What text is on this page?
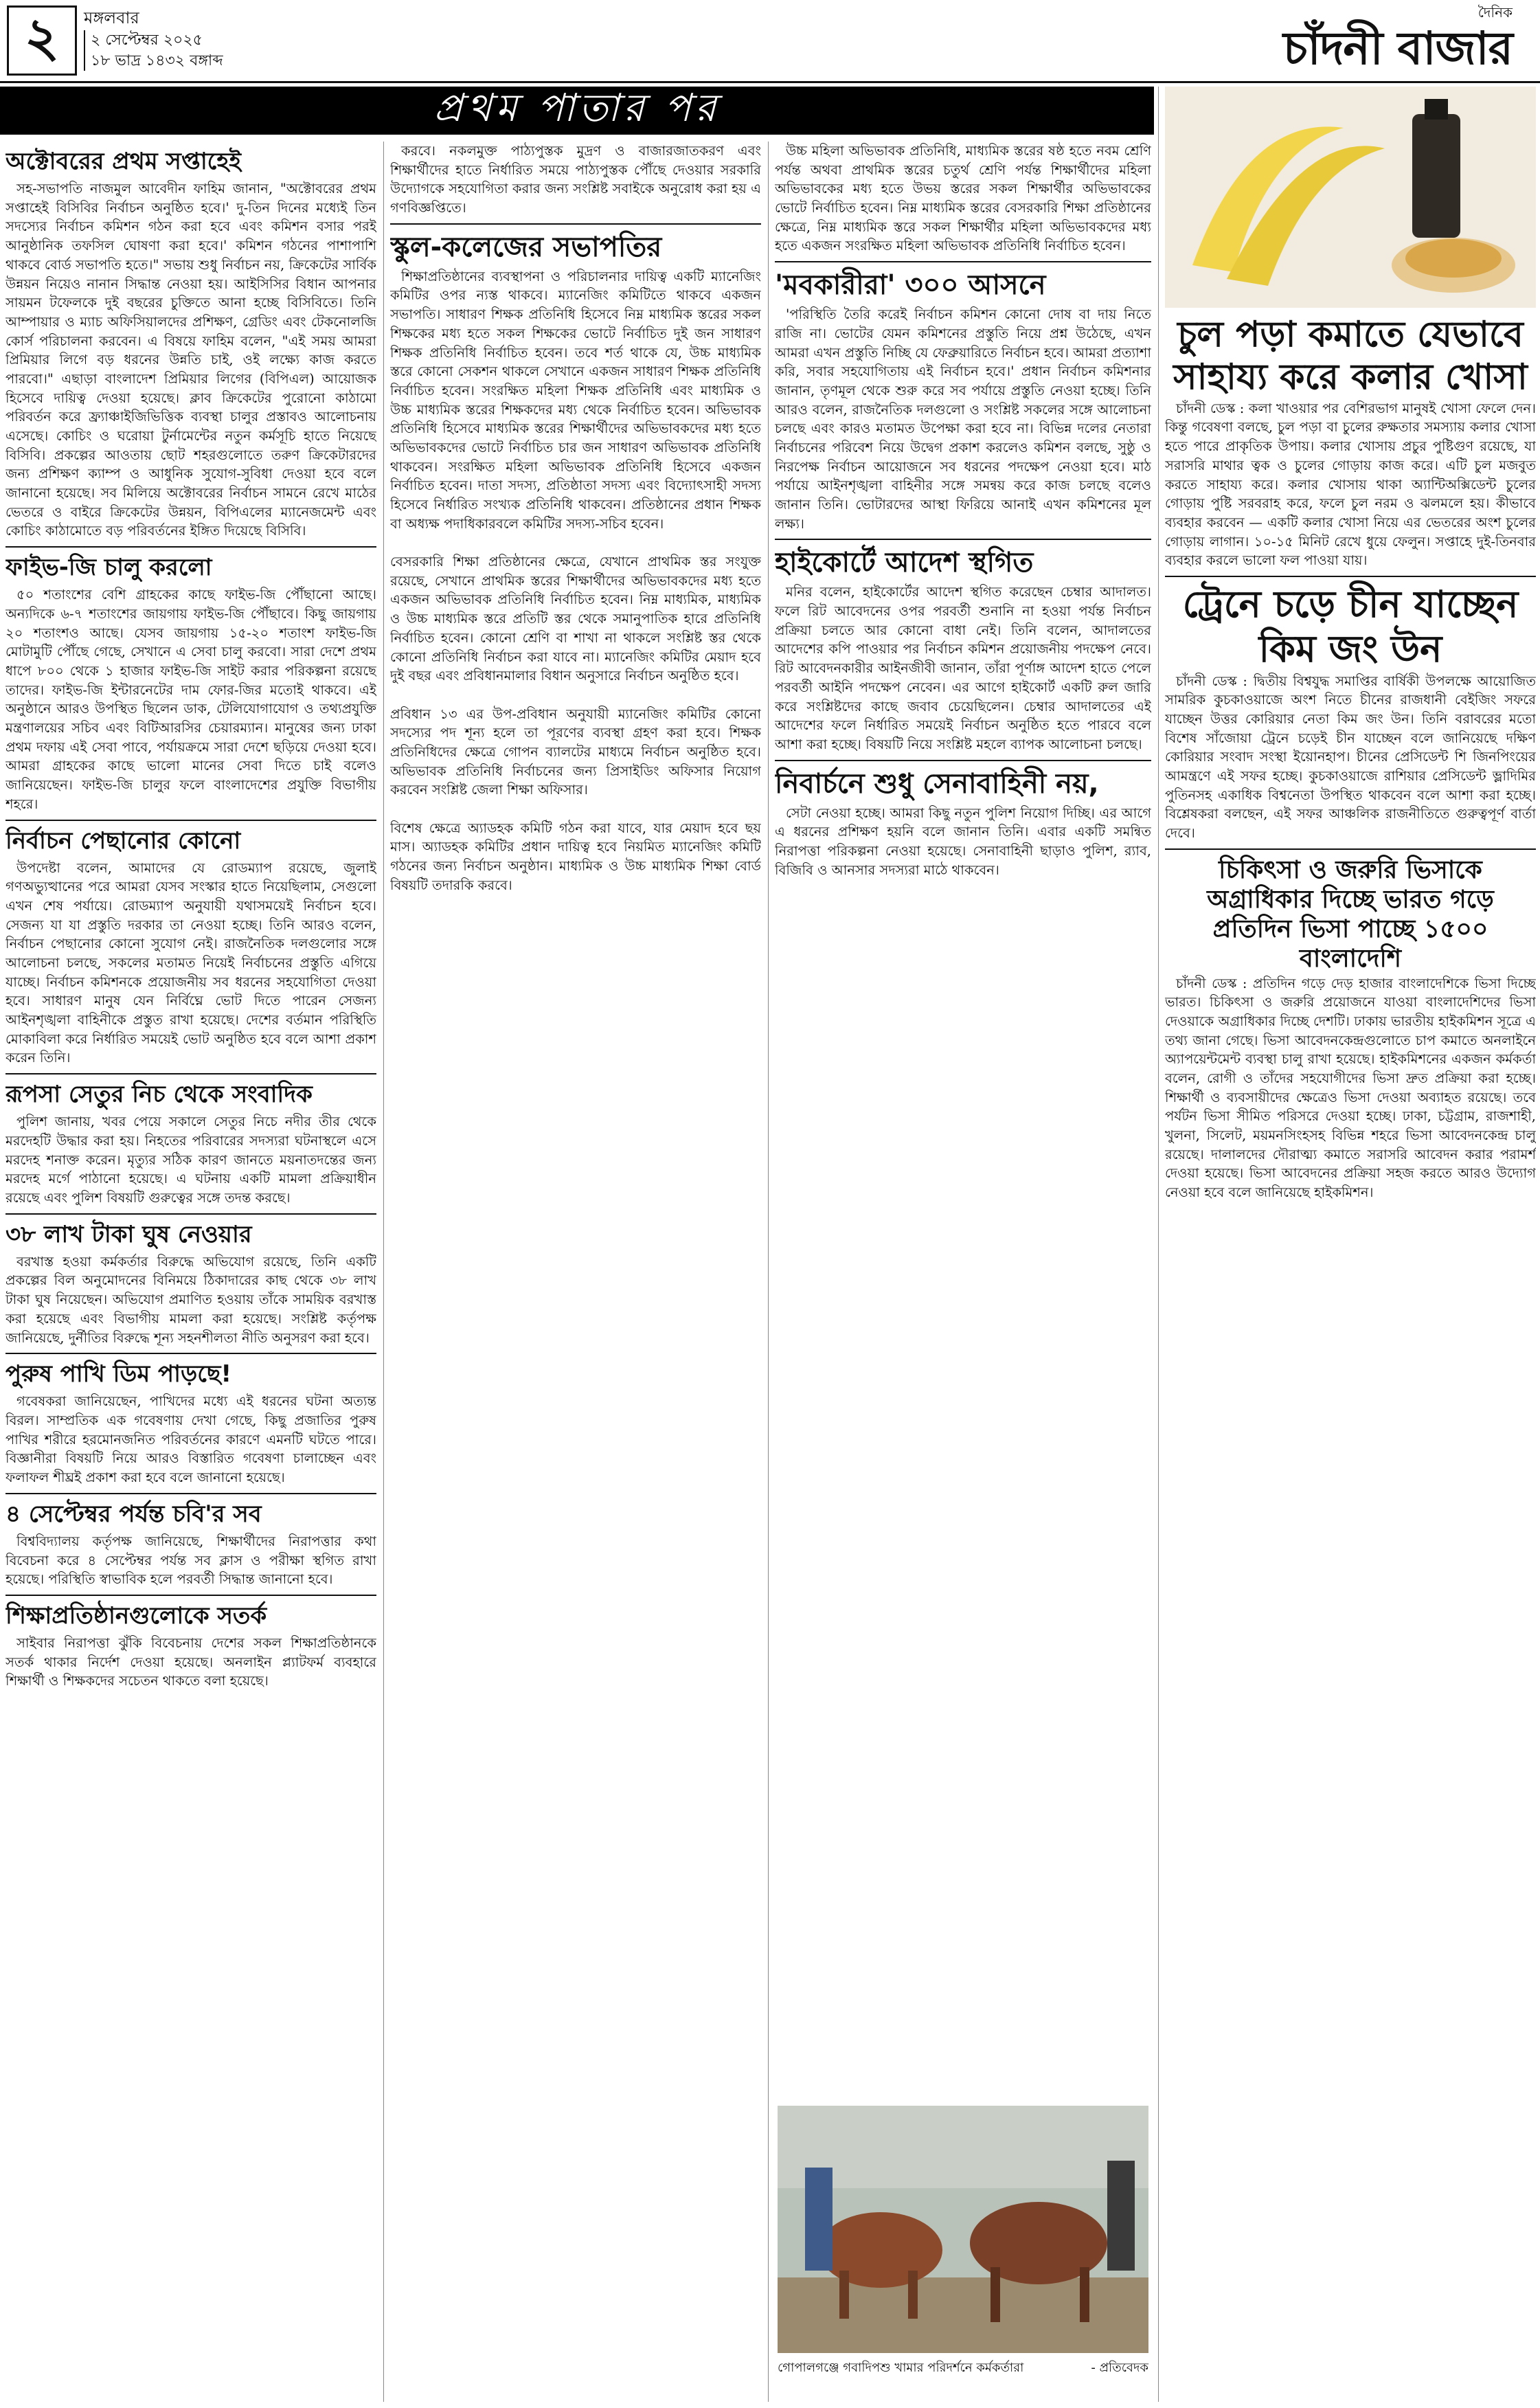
২	মঙ্গলবার
২ সেপ্টেম্বর ২০২৫
১৮ ভাদ্র ১৪৩২ বঙ্গাব্দ
দৈনিক
চাঁদনী বাজার
প্রথম পাতার পর
অক্টোবরের প্রথম সপ্তাহেই

সহ-সভাপতি নাজমুল আবেদীন ফাহিম জানান, "অক্টোবরের প্রথম সপ্তাহেই বিসিবির নির্বাচন অনুষ্ঠিত হবে।' দু-তিন দিনের মধ্যেই তিন সদস্যের নির্বাচন কমিশন গঠন করা হবে এবং কমিশন বসার পরই আনুষ্ঠানিক তফসিল ঘোষণা করা হবে।' কমিশন গঠনের পাশাপাশি থাকবে বোর্ড সভাপতি হতে।" সভায় শুধু নির্বাচন নয়, ক্রিকেটের সার্বিক উন্নয়ন নিয়েও নানান সিদ্ধান্ত নেওয়া হয়। আইসিসির বিধান আপনার সায়মন টফেলকে দুই বছরের চুক্তিতে আনা হচ্ছে বিসিবিতে। তিনি আম্পায়ার ও ম্যাচ অফিসিয়ালদের প্রশিক্ষণ, গ্রেডিং এবং টেকনোলজি কোর্স পরিচালনা করবেন। এ বিষয়ে ফাহিম বলেন, "এই সময় আমরা প্রিমিয়ার লিগে বড় ধরনের উন্নতি চাই, ওই লক্ষ্যে কাজ করতে পারবো।" এছাড়া বাংলাদেশ প্রিমিয়ার লিগের (বিপিএল) আয়োজক হিসেবে দায়িত্ব দেওয়া হয়েছে। ক্লাব ক্রিকেটের পুরোনো কাঠামো পরিবর্তন করে ফ্র্যাঞ্চাইজিভিত্তিক ব্যবস্থা চালুর প্রস্তাবও আলোচনায় এসেছে। কোচিং ও ঘরোয়া টুর্নামেন্টের নতুন কর্মসূচি হাতে নিয়েছে বিসিবি। প্রকল্পের আওতায় ছোট শহরগুলোতে তরুণ ক্রিকেটারদের জন্য প্রশিক্ষণ ক্যাম্প ও আধুনিক সুযোগ-সুবিধা দেওয়া হবে বলে জানানো হয়েছে। সব মিলিয়ে অক্টোবরের নির্বাচন সামনে রেখে মাঠের ভেতরে ও বাইরে ক্রিকেটের উন্নয়ন, বিপিএলের ম্যানেজমেন্ট এবং কোচিং কাঠামোতে বড় পরিবর্তনের ইঙ্গিত দিয়েছে বিসিবি।

ফাইভ-জি চালু করলো

৫০ শতাংশের বেশি গ্রাহকের কাছে ফাইভ-জি পৌঁছানো আছে। অন্যদিকে ৬-৭ শতাংশের জায়গায় ফাইভ-জি পৌঁছাবে। কিছু জায়গায় ২০ শতাংশও আছে। যেসব জায়গায় ১৫-২০ শতাংশ ফাইভ-জি মোটামুটি পৌঁছে গেছে, সেখানে এ সেবা চালু করবো। সারা দেশে প্রথম ধাপে ৮০০ থেকে ১ হাজার ফাইভ-জি সাইট করার পরিকল্পনা রয়েছে তাদের। ফাইভ-জি ইন্টারনেটের দাম ফোর-জির মতোই থাকবে। এই অনুষ্ঠানে আরও উপস্থিত ছিলেন ডাক, টেলিযোগাযোগ ও তথ্যপ্রযুক্তি মন্ত্রণালয়ের সচিব এবং বিটিআরসির চেয়ারম্যান। মানুষের জন্য ঢাকা প্রথম দফায় এই সেবা পাবে, পর্যায়ক্রমে সারা দেশে ছড়িয়ে দেওয়া হবে। আমরা গ্রাহকের কাছে ভালো মানের সেবা দিতে চাই বলেও জানিয়েছেন। ফাইভ-জি চালুর ফলে বাংলাদেশের প্রযুক্তি বিভাগীয় শহরে।

নির্বাচন পেছানোর কোনো

উপদেষ্টা বলেন, আমাদের যে রোডম্যাপ রয়েছে, জুলাই গণঅভ্যুত্থানের পরে আমরা যেসব সংস্কার হাতে নিয়েছিলাম, সেগুলো এখন শেষ পর্যায়ে। রোডম্যাপ অনুযায়ী যথাসময়েই নির্বাচন হবে। সেজন্য যা যা প্রস্তুতি দরকার তা নেওয়া হচ্ছে। তিনি আরও বলেন, নির্বাচন পেছানোর কোনো সুযোগ নেই। রাজনৈতিক দলগুলোর সঙ্গে আলোচনা চলছে, সকলের মতামত নিয়েই নির্বাচনের প্রস্তুতি এগিয়ে যাচ্ছে। নির্বাচন কমিশনকে প্রয়োজনীয় সব ধরনের সহযোগিতা দেওয়া হবে। সাধারণ মানুষ যেন নির্বিঘ্নে ভোট দিতে পারেন সেজন্য আইনশৃঙ্খলা বাহিনীকে প্রস্তুত রাখা হয়েছে। দেশের বর্তমান পরিস্থিতি মোকাবিলা করে নির্ধারিত সময়েই ভোট অনুষ্ঠিত হবে বলে আশা প্রকাশ করেন তিনি।

রূপসা সেতুর নিচ থেকে সংবাদিক

পুলিশ জানায়, খবর পেয়ে সকালে সেতুর নিচে নদীর তীর থেকে মরদেহটি উদ্ধার করা হয়। নিহতের পরিবারের সদস্যরা ঘটনাস্থলে এসে মরদেহ শনাক্ত করেন। মৃত্যুর সঠিক কারণ জানতে ময়নাতদন্তের জন্য মরদেহ মর্গে পাঠানো হয়েছে। এ ঘটনায় একটি মামলা প্রক্রিয়াধীন রয়েছে এবং পুলিশ বিষয়টি গুরুত্বের সঙ্গে তদন্ত করছে।

৩৮ লাখ টাকা ঘুষ নেওয়ার

বরখাস্ত হওয়া কর্মকর্তার বিরুদ্ধে অভিযোগ রয়েছে, তিনি একটি প্রকল্পের বিল অনুমোদনের বিনিময়ে ঠিকাদারের কাছ থেকে ৩৮ লাখ টাকা ঘুষ নিয়েছেন। অভিযোগ প্রমাণিত হওয়ায় তাঁকে সাময়িক বরখাস্ত করা হয়েছে এবং বিভাগীয় মামলা করা হয়েছে। সংশ্লিষ্ট কর্তৃপক্ষ জানিয়েছে, দুর্নীতির বিরুদ্ধে শূন্য সহনশীলতা নীতি অনুসরণ করা হবে।

পুরুষ পাখি ডিম পাড়ছে!

গবেষকরা জানিয়েছেন, পাখিদের মধ্যে এই ধরনের ঘটনা অত্যন্ত বিরল। সাম্প্রতিক এক গবেষণায় দেখা গেছে, কিছু প্রজাতির পুরুষ পাখির শরীরে হরমোনজনিত পরিবর্তনের কারণে এমনটি ঘটতে পারে। বিজ্ঞানীরা বিষয়টি নিয়ে আরও বিস্তারিত গবেষণা চালাচ্ছেন এবং ফলাফল শীঘ্রই প্রকাশ করা হবে বলে জানানো হয়েছে।

৪ সেপ্টেম্বর পর্যন্ত চবি'র সব

বিশ্ববিদ্যালয় কর্তৃপক্ষ জানিয়েছে, শিক্ষার্থীদের নিরাপত্তার কথা বিবেচনা করে ৪ সেপ্টেম্বর পর্যন্ত সব ক্লাস ও পরীক্ষা স্থগিত রাখা হয়েছে। পরিস্থিতি স্বাভাবিক হলে পরবর্তী সিদ্ধান্ত জানানো হবে।

শিক্ষাপ্রতিষ্ঠানগুলোকে সতর্ক

সাইবার নিরাপত্তা ঝুঁকি বিবেচনায় দেশের সকল শিক্ষাপ্রতিষ্ঠানকে সতর্ক থাকার নির্দেশ দেওয়া হয়েছে। অনলাইন প্ল্যাটফর্ম ব্যবহারে শিক্ষার্থী ও শিক্ষকদের সচেতন থাকতে বলা হয়েছে।

করবে। নকলমুক্ত পাঠ্যপুস্তক মুদ্রণ ও বাজারজাতকরণ এবং শিক্ষার্থীদের হাতে নির্ধারিত সময়ে পাঠ্যপুস্তক পৌঁছে দেওয়ার সরকারি উদ্যোগকে সহযোগিতা করার জন্য সংশ্লিষ্ট সবাইকে অনুরোধ করা হয় এ গণবিজ্ঞপ্তিতে।

স্কুল-কলেজের সভাপতির

শিক্ষাপ্রতিষ্ঠানের ব্যবস্থাপনা ও পরিচালনার দায়িত্ব একটি ম্যানেজিং কমিটির ওপর ন্যস্ত থাকবে। ম্যানেজিং কমিটিতে থাকবে একজন সভাপতি। সাধারণ শিক্ষক প্রতিনিধি হিসেবে নিম্ন মাধ্যমিক স্তরের সকল শিক্ষকের মধ্য হতে সকল শিক্ষকের ভোটে নির্বাচিত দুই জন সাধারণ শিক্ষক প্রতিনিধি নির্বাচিত হবেন। তবে শর্ত থাকে যে, উচ্চ মাধ্যমিক স্তরে কোনো সেকশন থাকলে সেখানে একজন সাধারণ শিক্ষক প্রতিনিধি নির্বাচিত হবেন। সংরক্ষিত মহিলা শিক্ষক প্রতিনিধি এবং মাধ্যমিক ও উচ্চ মাধ্যমিক স্তরের শিক্ষকদের মধ্য থেকে নির্বাচিত হবেন। অভিভাবক প্রতিনিধি হিসেবে মাধ্যমিক স্তরের শিক্ষার্থীদের অভিভাবকদের মধ্য হতে অভিভাবকদের ভোটে নির্বাচিত চার জন সাধারণ অভিভাবক প্রতিনিধি থাকবেন। সংরক্ষিত মহিলা অভিভাবক প্রতিনিধি হিসেবে একজন নির্বাচিত হবেন। দাতা সদস্য, প্রতিষ্ঠাতা সদস্য এবং বিদ্যোৎসাহী সদস্য হিসেবে নির্ধারিত সংখ্যক প্রতিনিধি থাকবেন। প্রতিষ্ঠানের প্রধান শিক্ষক বা অধ্যক্ষ পদাধিকারবলে কমিটির সদস্য-সচিব হবেন।

বেসরকারি শিক্ষা প্রতিষ্ঠানের ক্ষেত্রে, যেখানে প্রাথমিক স্তর সংযুক্ত রয়েছে, সেখানে প্রাথমিক স্তরের শিক্ষার্থীদের অভিভাবকদের মধ্য হতে একজন অভিভাবক প্রতিনিধি নির্বাচিত হবেন। নিম্ন মাধ্যমিক, মাধ্যমিক ও উচ্চ মাধ্যমিক স্তরে প্রতিটি স্তর থেকে সমানুপাতিক হারে প্রতিনিধি নির্বাচিত হবেন। কোনো শ্রেণি বা শাখা না থাকলে সংশ্লিষ্ট স্তর থেকে কোনো প্রতিনিধি নির্বাচন করা যাবে না। ম্যানেজিং কমিটির মেয়াদ হবে দুই বছর এবং প্রবিধানমালার বিধান অনুসারে নির্বাচন অনুষ্ঠিত হবে।

প্রবিধান ১৩ এর উপ-প্রবিধান অনুযায়ী ম্যানেজিং কমিটির কোনো সদস্যের পদ শূন্য হলে তা পূরণের ব্যবস্থা গ্রহণ করা হবে। শিক্ষক প্রতিনিধিদের ক্ষেত্রে গোপন ব্যালটের মাধ্যমে নির্বাচন অনুষ্ঠিত হবে। অভিভাবক প্রতিনিধি নির্বাচনের জন্য প্রিসাইডিং অফিসার নিয়োগ করবেন সংশ্লিষ্ট জেলা শিক্ষা অফিসার।

বিশেষ ক্ষেত্রে অ্যাডহক কমিটি গঠন করা যাবে, যার মেয়াদ হবে ছয় মাস। অ্যাডহক কমিটির প্রধান দায়িত্ব হবে নিয়মিত ম্যানেজিং কমিটি গঠনের জন্য নির্বাচন অনুষ্ঠান। মাধ্যমিক ও উচ্চ মাধ্যমিক শিক্ষা বোর্ড বিষয়টি তদারকি করবে।

উচ্চ মহিলা অভিভাবক প্রতিনিধি, মাধ্যমিক স্তরের ষষ্ঠ হতে নবম শ্রেণি পর্যন্ত অথবা প্রাথমিক স্তরের চতুর্থ শ্রেণি পর্যন্ত শিক্ষার্থীদের মহিলা অভিভাবকের মধ্য হতে উভয় স্তরের সকল শিক্ষার্থীর অভিভাবকের ভোটে নির্বাচিত হবেন। নিম্ন মাধ্যমিক স্তরের বেসরকারি শিক্ষা প্রতিষ্ঠানের ক্ষেত্রে, নিম্ন মাধ্যমিক স্তরে সকল শিক্ষার্থীর মহিলা অভিভাবকদের মধ্য হতে একজন সংরক্ষিত মহিলা অভিভাবক প্রতিনিধি নির্বাচিত হবেন।

'মবকারীরা' ৩০০ আসনে

'পরিস্থিতি তৈরি করেই নির্বাচন কমিশন কোনো দোষ বা দায় নিতে রাজি না। ভোটের যেমন কমিশনের প্রস্তুতি নিয়ে প্রশ্ন উঠেছে, এখন আমরা এখন প্রস্তুতি নিচ্ছি যে ফেব্রুয়ারিতে নির্বাচন হবে। আমরা প্রত্যাশা করি, সবার সহযোগিতায় এই নির্বাচন হবে।' প্রধান নির্বাচন কমিশনার জানান, তৃণমূল থেকে শুরু করে সব পর্যায়ে প্রস্তুতি নেওয়া হচ্ছে। তিনি আরও বলেন, রাজনৈতিক দলগুলো ও সংশ্লিষ্ট সকলের সঙ্গে আলোচনা চলছে এবং কারও মতামত উপেক্ষা করা হবে না। বিভিন্ন দলের নেতারা নির্বাচনের পরিবেশ নিয়ে উদ্বেগ প্রকাশ করলেও কমিশন বলছে, সুষ্ঠু ও নিরপেক্ষ নির্বাচন আয়োজনে সব ধরনের পদক্ষেপ নেওয়া হবে। মাঠ পর্যায়ে আইনশৃঙ্খলা বাহিনীর সঙ্গে সমন্বয় করে কাজ চলছে বলেও জানান তিনি। ভোটারদের আস্থা ফিরিয়ে আনাই এখন কমিশনের মূল লক্ষ্য।

হাইকোর্টে আদেশ স্থগিত

মনির বলেন, হাইকোর্টের আদেশ স্থগিত করেছেন চেম্বার আদালত। ফলে রিট আবেদনের ওপর পরবর্তী শুনানি না হওয়া পর্যন্ত নির্বাচন প্রক্রিয়া চলতে আর কোনো বাধা নেই। তিনি বলেন, আদালতের আদেশের কপি পাওয়ার পর নির্বাচন কমিশন প্রয়োজনীয় পদক্ষেপ নেবে। রিট আবেদনকারীর আইনজীবী জানান, তাঁরা পূর্ণাঙ্গ আদেশ হাতে পেলে পরবর্তী আইনি পদক্ষেপ নেবেন। এর আগে হাইকোর্ট একটি রুল জারি করে সংশ্লিষ্টদের কাছে জবাব চেয়েছিলেন। চেম্বার আদালতের এই আদেশের ফলে নির্ধারিত সময়েই নির্বাচন অনুষ্ঠিত হতে পারবে বলে আশা করা হচ্ছে। বিষয়টি নিয়ে সংশ্লিষ্ট মহলে ব্যাপক আলোচনা চলছে।

নিবার্চনে শুধু সেনাবাহিনী নয়,

সেটা নেওয়া হচ্ছে। আমরা কিছু নতুন পুলিশ নিয়োগ দিচ্ছি। এর আগে এ ধরনের প্রশিক্ষণ হয়নি বলে জানান তিনি। এবার একটি সমন্বিত নিরাপত্তা পরিকল্পনা নেওয়া হয়েছে। সেনাবাহিনী ছাড়াও পুলিশ, র‍্যাব, বিজিবি ও আনসার সদস্যরা মাঠে থাকবেন।

গোপালগঞ্জে গবাদিপশু খামার পরিদর্শনে কর্মকর্তারা	- প্রতিবেদক
চুল পড়া কমাতে যেভাবে সাহায্য করে কলার খোসা

চাঁদনী ডেস্ক : কলা খাওয়ার পর বেশিরভাগ মানুষই খোসা ফেলে দেন। কিন্তু গবেষণা বলছে, চুল পড়া বা চুলের রুক্ষতার সমস্যায় কলার খোসা হতে পারে প্রাকৃতিক উপায়। কলার খোসায় প্রচুর পুষ্টিগুণ রয়েছে, যা সরাসরি মাথার ত্বক ও চুলের গোড়ায় কাজ করে। এটি চুল মজবুত করতে সাহায্য করে। কলার খোসায় থাকা অ্যান্টিঅক্সিডেন্ট চুলের গোড়ায় পুষ্টি সরবরাহ করে, ফলে চুল নরম ও ঝলমলে হয়। কীভাবে ব্যবহার করবেন — একটি কলার খোসা নিয়ে এর ভেতরের অংশ চুলের গোড়ায় লাগান। ১০-১৫ মিনিট রেখে ধুয়ে ফেলুন। সপ্তাহে দুই-তিনবার ব্যবহার করলে ভালো ফল পাওয়া যায়।

ট্রেনে চড়ে চীন যাচ্ছেন কিম জং উন

চাঁদনী ডেস্ক : দ্বিতীয় বিশ্বযুদ্ধ সমাপ্তির বার্ষিকী উপলক্ষে আয়োজিত সামরিক কুচকাওয়াজে অংশ নিতে চীনের রাজধানী বেইজিং সফরে যাচ্ছেন উত্তর কোরিয়ার নেতা কিম জং উন। তিনি বরাবরের মতো বিশেষ সাঁজোয়া ট্রেনে চড়েই চীন যাচ্ছেন বলে জানিয়েছে দক্ষিণ কোরিয়ার সংবাদ সংস্থা ইয়োনহাপ। চীনের প্রেসিডেন্ট শি জিনপিংয়ের আমন্ত্রণে এই সফর হচ্ছে। কুচকাওয়াজে রাশিয়ার প্রেসিডেন্ট ভ্লাদিমির পুতিনসহ একাধিক বিশ্বনেতা উপস্থিত থাকবেন বলে আশা করা হচ্ছে। বিশ্লেষকরা বলছেন, এই সফর আঞ্চলিক রাজনীতিতে গুরুত্বপূর্ণ বার্তা দেবে।

চিকিৎসা ও জরুরি ভিসাকে অগ্রাধিকার দিচ্ছে ভারত গড়ে প্রতিদিন ভিসা পাচ্ছে ১৫০০ বাংলাদেশি

চাঁদনী ডেস্ক : প্রতিদিন গড়ে দেড় হাজার বাংলাদেশিকে ভিসা দিচ্ছে ভারত। চিকিৎসা ও জরুরি প্রয়োজনে যাওয়া বাংলাদেশিদের ভিসা দেওয়াকে অগ্রাধিকার দিচ্ছে দেশটি। ঢাকায় ভারতীয় হাইকমিশন সূত্রে এ তথ্য জানা গেছে। ভিসা আবেদনকেন্দ্রগুলোতে চাপ কমাতে অনলাইনে অ্যাপয়েন্টমেন্ট ব্যবস্থা চালু রাখা হয়েছে। হাইকমিশনের একজন কর্মকর্তা বলেন, রোগী ও তাঁদের সহযোগীদের ভিসা দ্রুত প্রক্রিয়া করা হচ্ছে। শিক্ষার্থী ও ব্যবসায়ীদের ক্ষেত্রেও ভিসা দেওয়া অব্যাহত রয়েছে। তবে পর্যটন ভিসা সীমিত পরিসরে দেওয়া হচ্ছে। ঢাকা, চট্টগ্রাম, রাজশাহী, খুলনা, সিলেট, ময়মনসিংহসহ বিভিন্ন শহরে ভিসা আবেদনকেন্দ্র চালু রয়েছে। দালালদের দৌরাত্ম্য কমাতে সরাসরি আবেদন করার পরামর্শ দেওয়া হয়েছে। ভিসা আবেদনের প্রক্রিয়া সহজ করতে আরও উদ্যোগ নেওয়া হবে বলে জানিয়েছে হাইকমিশন।
